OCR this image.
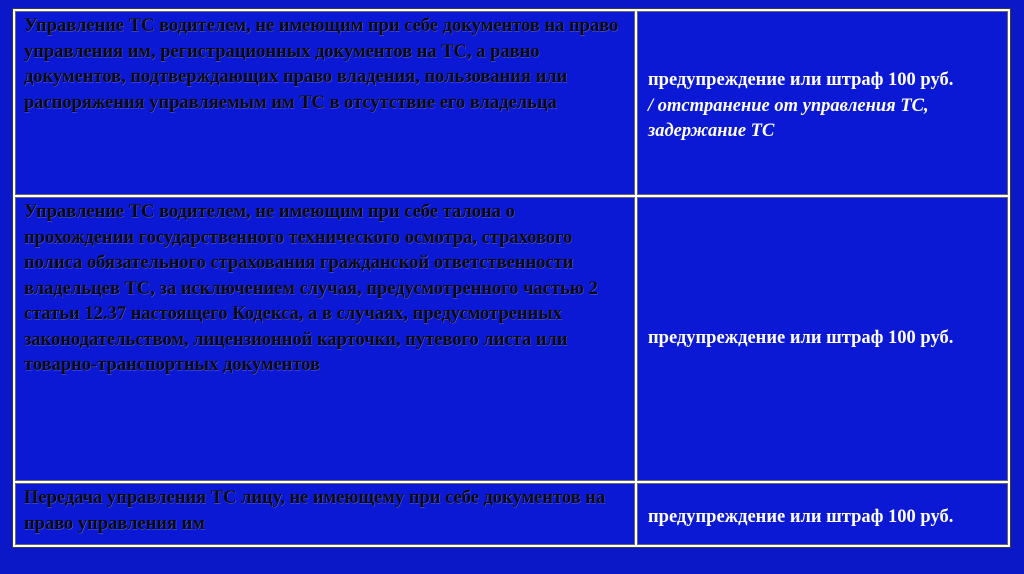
Управление ТС водителем, не имеющим при себе документов на право управления им, регистрационных документов на ТС, а равно документов, подтверждающих право владения, пользования или распоряжения управляемым им ТС в отсутствие его владельца
предупреждение или штраф 100 руб.
/ отстранение от управления ТС,
задержание ТС
Управление ТС водителем, не имеющим при себе талона о прохождении государственного технического осмотра, страхового полиса обязательного страхования гражданской ответственности владельцев ТС, за исключением случая, предусмотренного частью 2 статьи 12.37 настоящего Кодекса, а в случаях, предусмотренных законодательством, лицензионной карточки, путевого листа или товарно-транспортных документов
предупреждение или штраф 100 руб.
Передача управления ТС лицу, не имеющему при себе документов на право управления им	предупреждение или штраф 100 руб.
